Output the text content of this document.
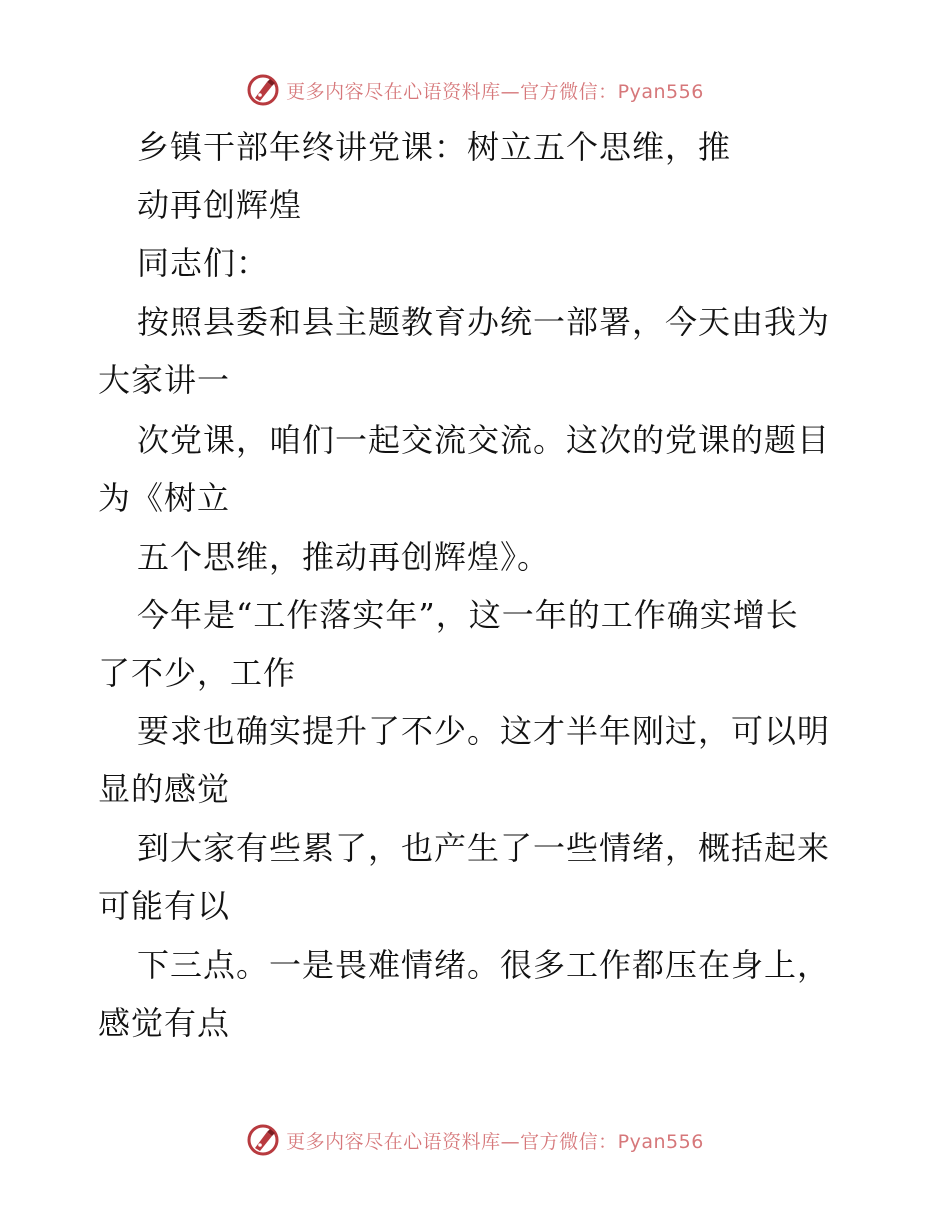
更多内容尽在心语资料库—官方微信：Pyan556
乡镇干部年终讲党课：树立五个思维，推
动再创辉煌
同志们：
按照县委和县主题教育办统一部署，今天由我为
大家讲一
次党课，咱们一起交流交流。这次的党课的题目
为《树立
五个思维，推动再创辉煌》。
今年是“工作落实年”，这一年的工作确实增长
了不少，工作
要求也确实提升了不少。这才半年刚过，可以明
显的感觉
到大家有些累了，也产生了一些情绪，概括起来
可能有以
下三点。一是畏难情绪。很多工作都压在身上，
感觉有点
更多内容尽在心语资料库—官方微信：Pyan556
